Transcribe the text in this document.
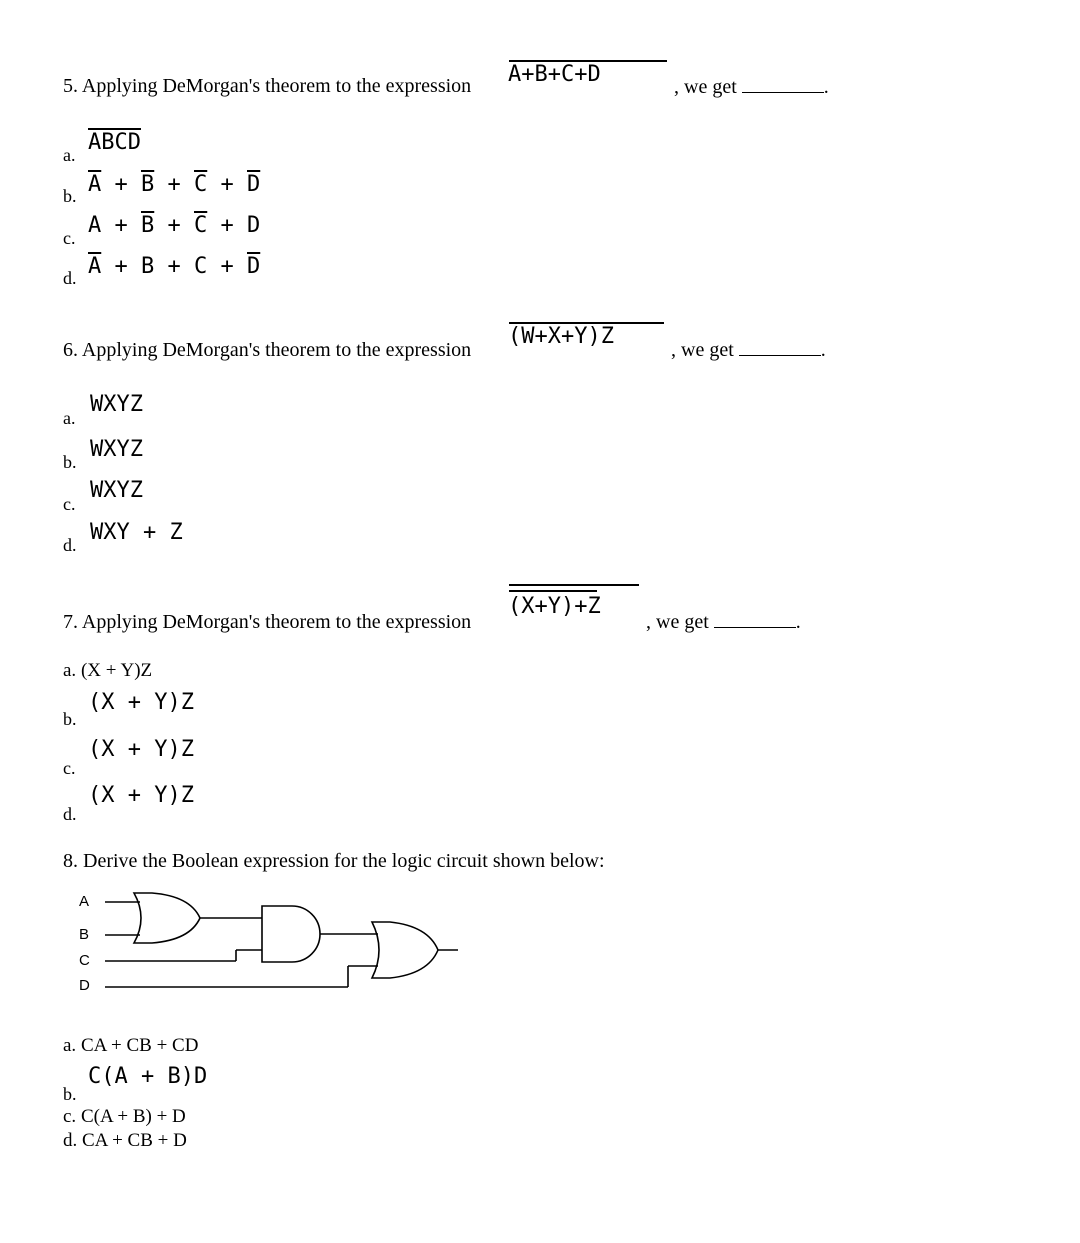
5. Applying DeMorgan's theorem to the expression A+B+C+D	, we get	.
a. ABCD
b. $\overline{A} + \overline{B} + \overline{C} + \overline{D}$
c. $A + \overline{B} + \overline{C} + D$
d. $\overline{A} + B + C + \overline{D}$
6. Applying DeMorgan's theorem to the expression
(W+X+Y)Z
, we get	.
a.
WXYZ
b. WXYZ
c.
WXYZ
d. WXY + Z
7. Applying DeMorgan's theorem to the expression
(X+Y)+Z
, we get	.
a. (X + Y)Z
b.
(X + Y)Z
c.
(X + Y)Z
d.
(X + Y)Z
8. Derive the Boolean expression for the logic circuit shown below:
A
B
C
D
a. CA + CB + CD
b.
C(A + B)D
c. C(A + B) + D
d. CA + CB + D
